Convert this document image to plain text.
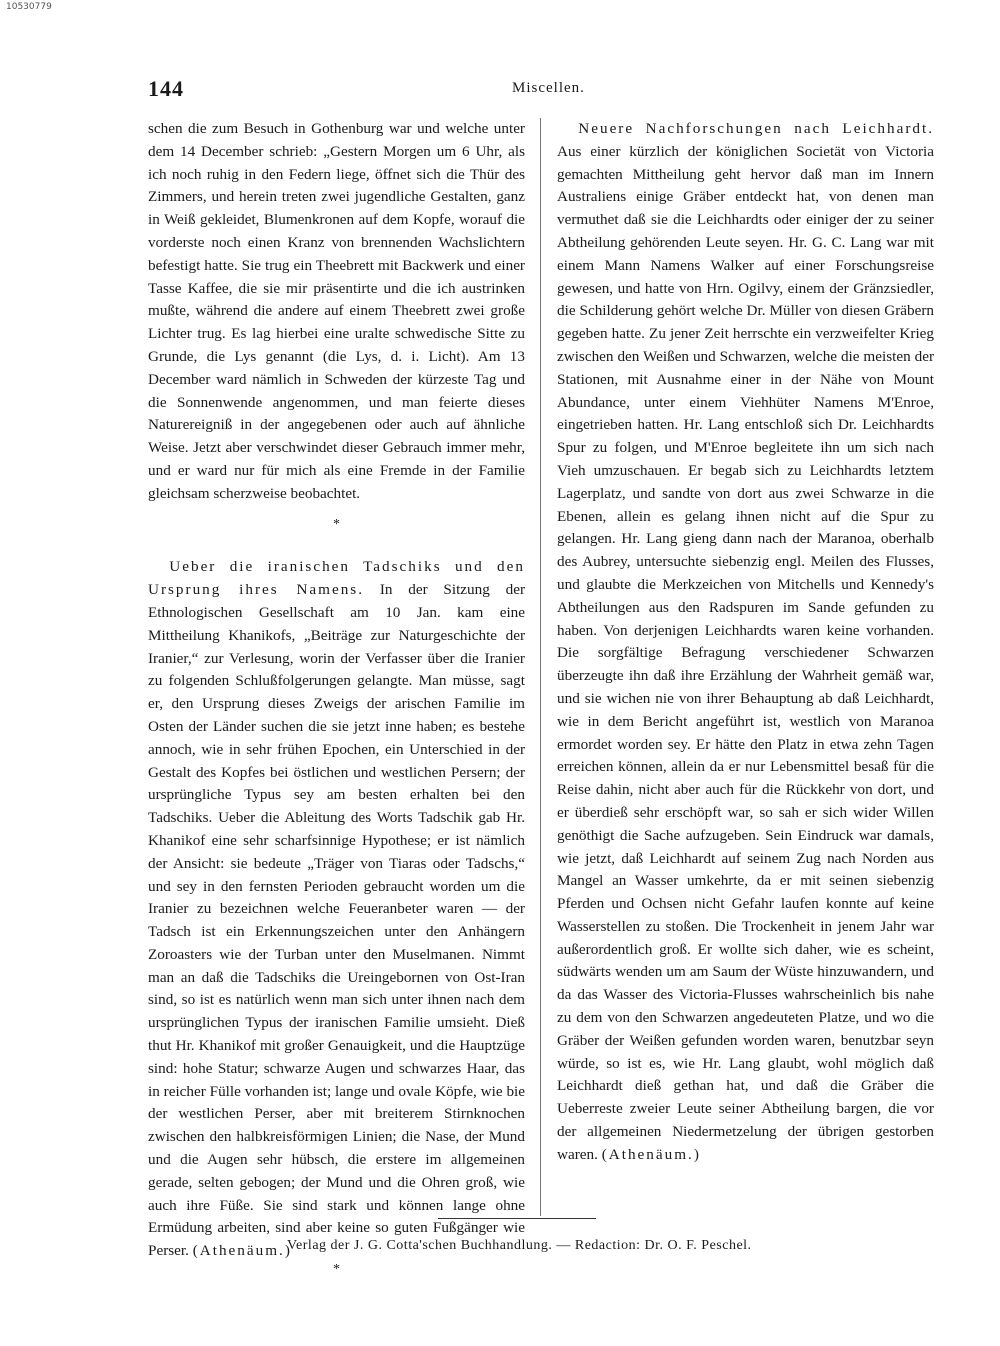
10530779
144	Miscellen.

schen die zum Besuch in Gothenburg war und welche unter dem 14 December schrieb: „Gestern Morgen um 6 Uhr, als ich noch ruhig in den Federn liege, öffnet sich die Thür des Zimmers, und herein treten zwei jugendliche Gestalten, ganz in Weiß gekleidet, Blumenkronen auf dem Kopfe, worauf die vorderste noch einen Kranz von brennenden Wachslichtern befestigt hatte. Sie trug ein Theebrett mit Backwerk und einer Tasse Kaffee, die sie mir präsentirte und die ich austrinken mußte, während die andere auf einem Theebrett zwei große Lichter trug. Es lag hierbei eine uralte schwedische Sitte zu Grunde, die Lys genannt (die Lys, d. i. Licht). Am 13 December ward nämlich in Schweden der kürzeste Tag und die Sonnenwende angenommen, und man feierte dieses Naturereigniß in der angegebenen oder auch auf ähnliche Weise. Jetzt aber verschwindet dieser Gebrauch immer mehr, und er ward nur für mich als eine Fremde in der Familie gleichsam scherzweise beobachtet.

*

Ueber die iranischen Tadschiks und den Ursprung ihres Namens. In der Sitzung der Ethnologischen Gesellschaft am 10 Jan. kam eine Mittheilung Khanikofs, „Beiträge zur Naturgeschichte der Iranier,“ zur Verlesung, worin der Verfasser über die Iranier zu folgenden Schlußfolgerungen gelangte. Man müsse, sagt er, den Ursprung dieses Zweigs der arischen Familie im Osten der Länder suchen die sie jetzt inne haben; es bestehe annoch, wie in sehr frühen Epochen, ein Unterschied in der Gestalt des Kopfes bei östlichen und westlichen Persern; der ursprüngliche Typus sey am besten erhalten bei den Tadschiks. Ueber die Ableitung des Worts Tadschik gab Hr. Khanikof eine sehr scharfsinnige Hypothese; er ist nämlich der Ansicht: sie bedeute „Träger von Tiaras oder Tadschs,“ und sey in den fernsten Perioden gebraucht worden um die Iranier zu bezeichnen welche Feueranbeter waren — der Tadsch ist ein Erkennungszeichen unter den Anhängern Zoroasters wie der Turban unter den Muselmanen. Nimmt man an daß die Tadschiks die Ureingebornen von Ost-Iran sind, so ist es natürlich wenn man sich unter ihnen nach dem ursprünglichen Typus der iranischen Familie umsieht. Dieß thut Hr. Khanikof mit großer Genauigkeit, und die Hauptzüge sind: hohe Statur; schwarze Augen und schwarzes Haar, das in reicher Fülle vorhanden ist; lange und ovale Köpfe, wie bie der westlichen Perser, aber mit breiterem Stirnknochen zwischen den halbkreisförmigen Linien; die Nase, der Mund und die Augen sehr hübsch, die erstere im allgemeinen gerade, selten gebogen; der Mund und die Ohren groß, wie auch ihre Füße. Sie sind stark und können lange ohne Ermüdung arbeiten, sind aber keine so guten Fußgänger wie Perser. (Athenäum.)

*

Neuere Nachforschungen nach Leichhardt. Aus einer kürzlich der königlichen Societät von Victoria gemachten Mittheilung geht hervor daß man im Innern Australiens einige Gräber entdeckt hat, von denen man vermuthet daß sie die Leichhardts oder einiger der zu seiner Abtheilung gehörenden Leute seyen. Hr. G. C. Lang war mit einem Mann Namens Walker auf einer Forschungsreise gewesen, und hatte von Hrn. Ogilvy, einem der Gränzsiedler, die Schilderung gehört welche Dr. Müller von diesen Gräbern gegeben hatte. Zu jener Zeit herrschte ein verzweifelter Krieg zwischen den Weißen und Schwarzen, welche die meisten der Stationen, mit Ausnahme einer in der Nähe von Mount Abundance, unter einem Viehhüter Namens M'Enroe, eingetrieben hatten. Hr. Lang entschloß sich Dr. Leichhardts Spur zu folgen, und M'Enroe begleitete ihn um sich nach Vieh umzuschauen. Er begab sich zu Leichhardts letztem Lagerplatz, und sandte von dort aus zwei Schwarze in die Ebenen, allein es gelang ihnen nicht auf die Spur zu gelangen. Hr. Lang gieng dann nach der Maranoa, oberhalb des Aubrey, untersuchte siebenzig engl. Meilen des Flusses, und glaubte die Merkzeichen von Mitchells und Kennedy's Abtheilungen aus den Radspuren im Sande gefunden zu haben. Von derjenigen Leichhardts waren keine vorhanden. Die sorgfältige Befragung verschiedener Schwarzen überzeugte ihn daß ihre Erzählung der Wahrheit gemäß war, und sie wichen nie von ihrer Behauptung ab daß Leichhardt, wie in dem Bericht angeführt ist, westlich von Maranoa ermordet worden sey. Er hätte den Platz in etwa zehn Tagen erreichen können, allein da er nur Lebensmittel besaß für die Reise dahin, nicht aber auch für die Rückkehr von dort, und er überdieß sehr erschöpft war, so sah er sich wider Willen genöthigt die Sache aufzugeben. Sein Eindruck war damals, wie jetzt, daß Leichhardt auf seinem Zug nach Norden aus Mangel an Wasser umkehrte, da er mit seinen siebenzig Pferden und Ochsen nicht Gefahr laufen konnte auf keine Wasserstellen zu stoßen. Die Trockenheit in jenem Jahr war außerordentlich groß. Er wollte sich daher, wie es scheint, südwärts wenden um am Saum der Wüste hinzuwandern, und da das Wasser des Victoria-Flusses wahrscheinlich bis nahe zu dem von den Schwarzen angedeuteten Platze, und wo die Gräber der Weißen gefunden worden waren, benutzbar seyn würde, so ist es, wie Hr. Lang glaubt, wohl möglich daß Leichhardt dieß gethan hat, und daß die Gräber die Ueberreste zweier Leute seiner Abtheilung bargen, die vor der allgemeinen Niedermetzelung der übrigen gestorben waren. (Athenäum.)

Verlag der J. G. Cotta'schen Buchhandlung. — Redaction: Dr. O. F. Peschel.
